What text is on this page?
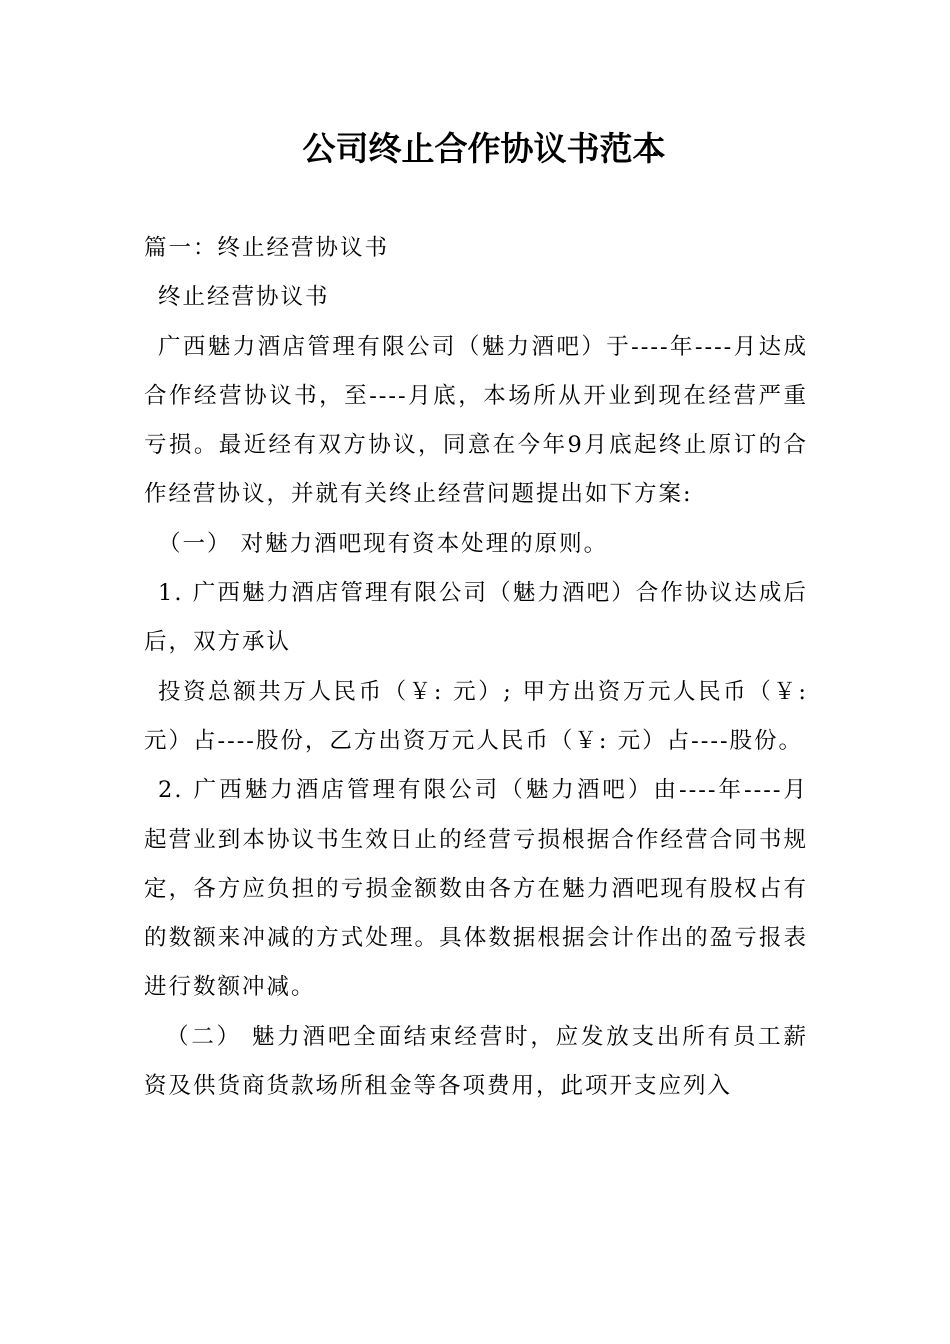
公司终止合作协议书范本

篇一：终止经营协议书

终止经营协议书

广西魅力酒店管理有限公司（魅力酒吧）于----年----月达成合作经营协议书，至----月底，本场所从开业到现在经营严重亏损。最近经有双方协议，同意在今年9月底起终止原订的合作经营协议，并就有关终止经营问题提出如下方案:

（一） 对魅力酒吧现有资本处理的原则。

1. 广西魅力酒店管理有限公司（魅力酒吧）合作协议达成后后，双方承认

投资总额共万人民币（￥: 元）; 甲方出资万元人民币（￥: 元）占----股份，乙方出资万元人民币（￥: 元）占----股份。

2. 广西魅力酒店管理有限公司（魅力酒吧）由----年----月起营业到本协议书生效日止的经营亏损根据合作经营合同书规定，各方应负担的亏损金额数由各方在魅力酒吧现有股权占有的数额来冲减的方式处理。具体数据根据会计作出的盈亏报表进行数额冲减。

（二） 魅力酒吧全面结束经营时，应发放支出所有员工薪资及供货商货款场所租金等各项费用，此项开支应列入
